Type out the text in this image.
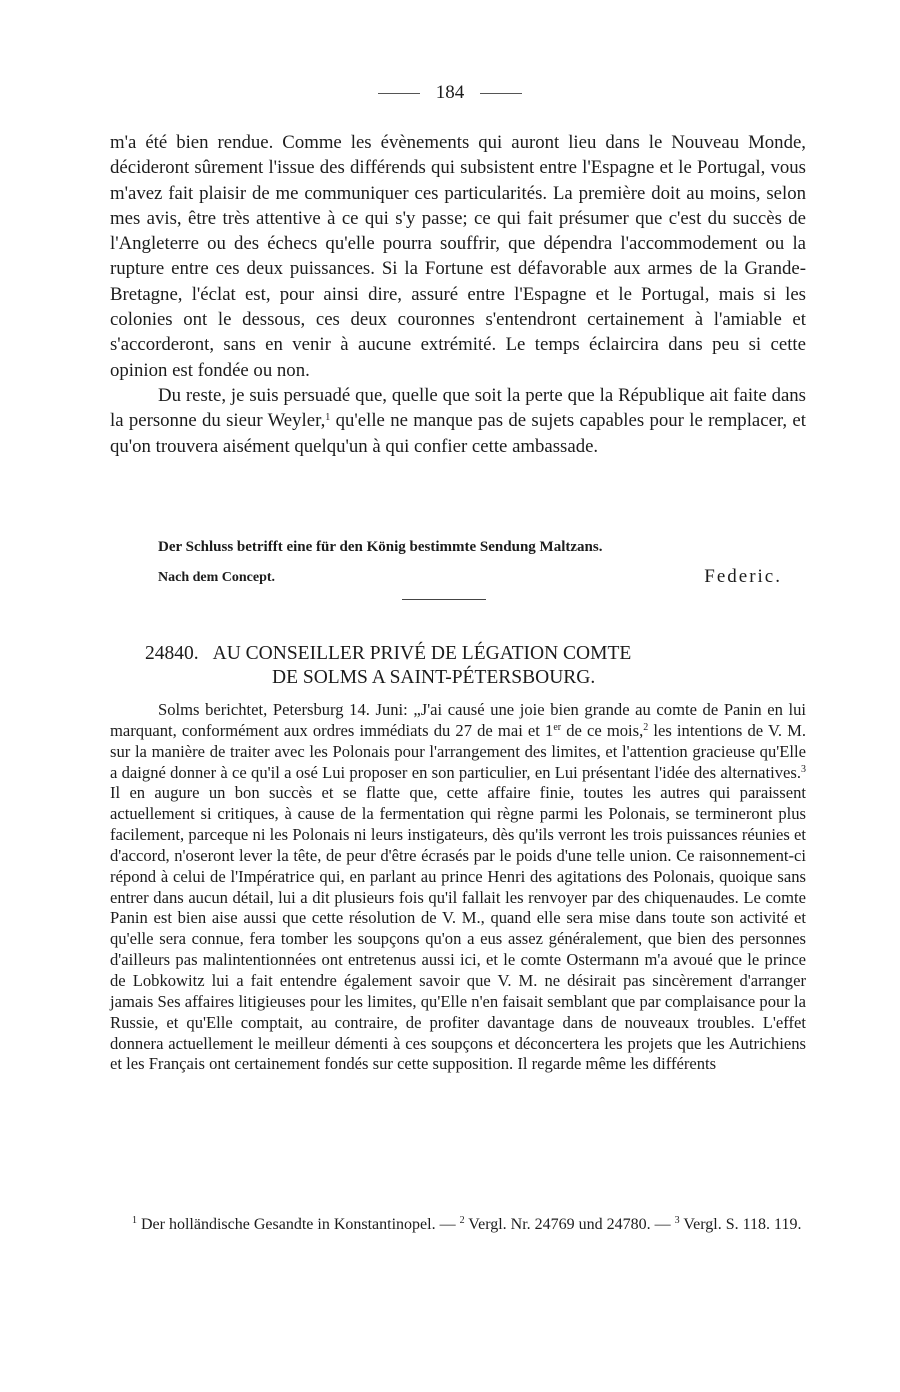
184

m'a été bien rendue. Comme les évènements qui auront lieu dans le Nouveau Monde, décideront sûrement l'issue des différends qui subsistent entre l'Espagne et le Portugal, vous m'avez fait plaisir de me communiquer ces particularités. La première doit au moins, selon mes avis, être très attentive à ce qui s'y passe; ce qui fait présumer que c'est du succès de l'Angleterre ou des échecs qu'elle pourra souffrir, que dépendra l'accommodement ou la rupture entre ces deux puissances. Si la Fortune est défavorable aux armes de la Grande-Bretagne, l'éclat est, pour ainsi dire, assuré entre l'Espagne et le Portugal, mais si les colonies ont le dessous, ces deux couronnes s'entendront certainement à l'amiable et s'accorderont, sans en venir à aucune extrémité. Le temps éclaircira dans peu si cette opinion est fondée ou non.

Du reste, je suis persuadé que, quelle que soit la perte que la République ait faite dans la personne du sieur Weyler,$^1$ qu'elle ne manque pas de sujets capables pour le remplacer, et qu'on trouvera aisément quelqu'un à qui confier cette ambassade.

Der Schluss betrifft eine für den König bestimmte Sendung Maltzans.
Nach dem Concept.	Federic.
24840. AU CONSEILLER PRIVÉ DE LÉGATION COMTE
DE SOLMS A SAINT-PÉTERSBOURG.

Solms berichtet, Petersburg 14. Juni: „J'ai causé une joie bien grande au comte de Panin en lui marquant, conformément aux ordres immédiats du 27 de mai et 1er de ce mois,$^2$ les intentions de V. M. sur la manière de traiter avec les Polonais pour l'arrangement des limites, et l'attention gracieuse qu'Elle a daigné donner à ce qu'il a osé Lui proposer en son particulier, en Lui présentant l'idée des alternatives.$^3$ Il en augure un bon succès et se flatte que, cette affaire finie, toutes les autres qui paraissent actuellement si critiques, à cause de la fermentation qui règne parmi les Polonais, se termineront plus facilement, parceque ni les Polonais ni leurs instigateurs, dès qu'ils verront les trois puissances réunies et d'accord, n'oseront lever la tête, de peur d'être écrasés par le poids d'une telle union. Ce raisonnement-ci répond à celui de l'Impératrice qui, en parlant au prince Henri des agitations des Polonais, quoique sans entrer dans aucun détail, lui a dit plusieurs fois qu'il fallait les renvoyer par des chiquenaudes. Le comte Panin est bien aise aussi que cette résolution de V. M., quand elle sera mise dans toute son activité et qu'elle sera connue, fera tomber les soupçons qu'on a eus assez généralement, que bien des personnes d'ailleurs pas malintentionnées ont entretenus aussi ici, et le comte Ostermann m'a avoué que le prince de Lobkowitz lui a fait entendre également savoir que V. M. ne désirait pas sincèrement d'arranger jamais Ses affaires litigieuses pour les limites, qu'Elle n'en faisait semblant que par complaisance pour la Russie, et qu'Elle comptait, au contraire, de profiter davantage dans de nouveaux troubles. L'effet donnera actuellement le meilleur démenti à ces soupçons et déconcertera les projets que les Autrichiens et les Français ont certainement fondés sur cette supposition. Il regarde même les différents

$^1$ Der holländische Gesandte in Konstantinopel. — $^2$ Vergl. Nr. 24769 und 24780. — $^3$ Vergl. S. 118. 119.
